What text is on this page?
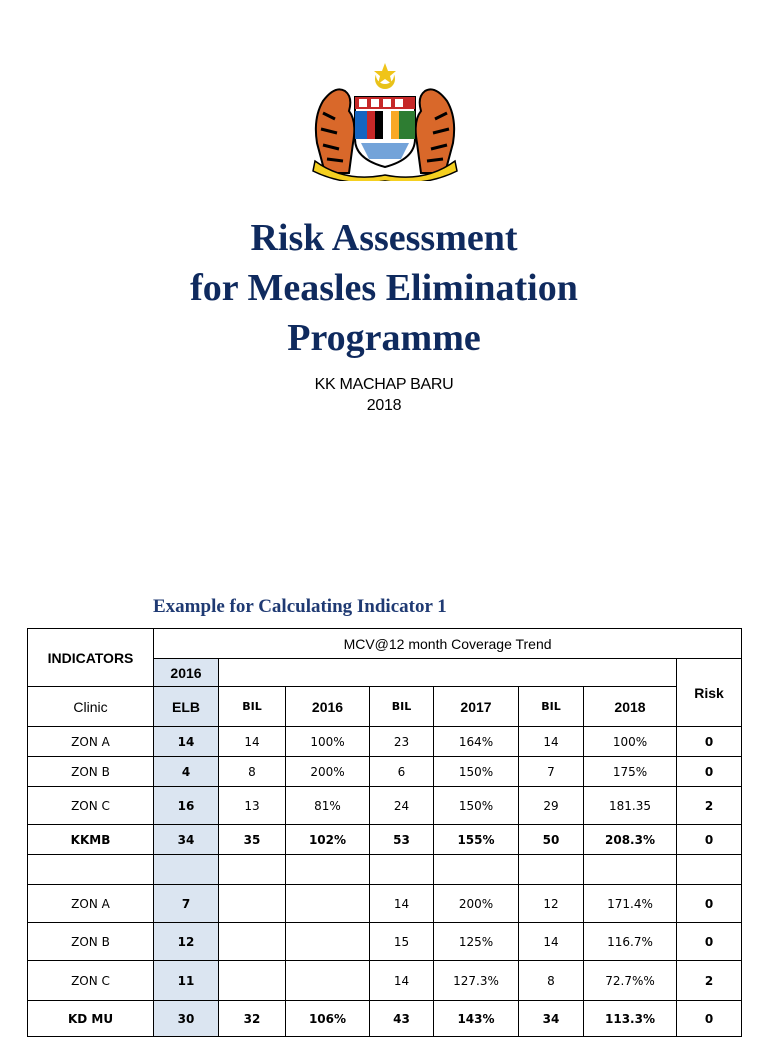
Risk Assessment
for Measles Elimination
Programme
KK MACHAP BARU
2018
Example for Calculating Indicator 1
INDICATORS	MCV@12 month Coverage Trend							
	2016							Risk
Clinic	ELB	BIL	2016	BIL	2017	BIL	2018	
ZON A	14	14	100%	23	164%	14	100%	0
ZON B	4	8	200%	6	150%	7	175%	0
ZON C	16	13	81%	24	150%	29	181.35	2
KKMB	34	35	102%	53	155%	50	208.3%	0

ZON A	7			14	200%	12	171.4%	0
ZON B	12			15	125%	14	116.7%	0
ZON C	11			14	127.3%	8	72.7%%	2
KD MU	30	32	106%	43	143%	34	113.3%	0
